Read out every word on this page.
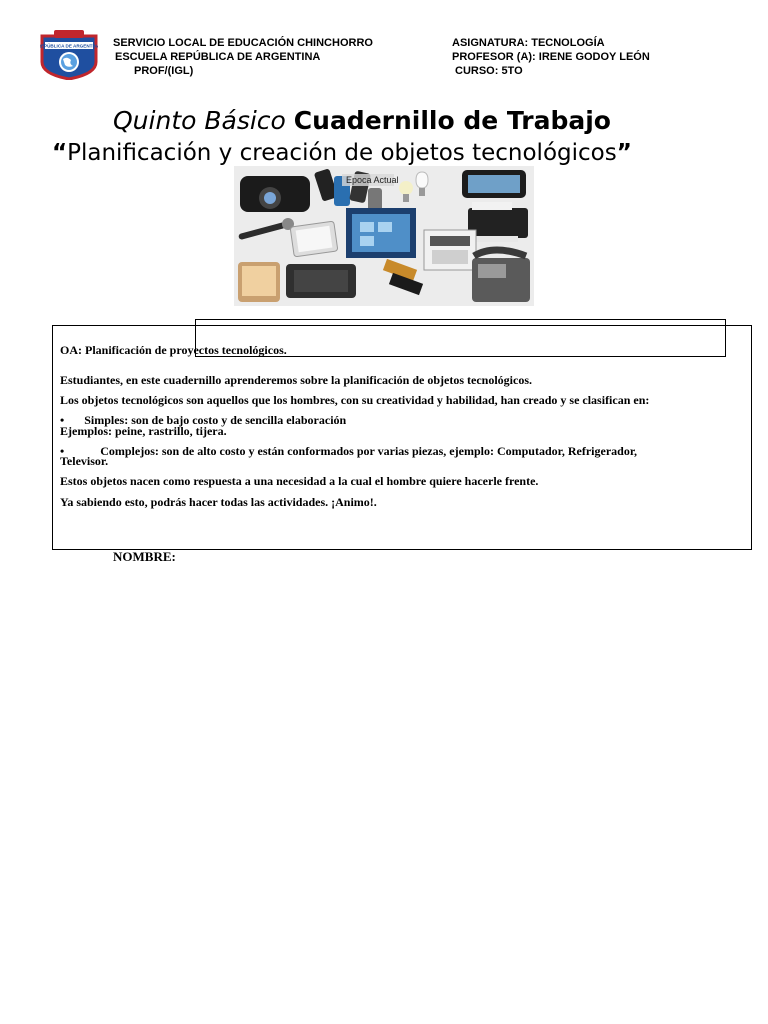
REPÚBLICA DE ARGENTINA SERVICIO LOCAL DE EDUCACIÓN CHINCHORRO
ESCUELA REPÚBLICA DE ARGENTINA
PROF/(IGL)
ASIGNATURA: TECNOLOGÍA
PROFESOR (A): IRENE GODOY LEÓN
CURSO: 5TO
Quinto Básico Cuadernillo de Trabajo
“Planificación y creación de objetos tecnológicos”
Epoca Actual

OA: Planificación de proyectos tecnológicos.

Estudiantes, en este cuadernillo aprenderemos sobre la planificación de objetos tecnológicos.

Los objetos tecnológicos son aquellos que los hombres, con su creatividad y habilidad, han creado y se clasifican en:

• Simples: son de bajo costo y de sencilla elaboración

Ejemplos: peine, rastrillo, tijera.

•	Complejos: son de alto costo y están conformados por varias piezas, ejemplo: Computador, Refrigerador,

Televisor.

Estos objetos nacen como respuesta a una necesidad a la cual el hombre quiere hacerle frente.

Ya sabiendo esto, podrás hacer todas las actividades. ¡Animo!.

NOMBRE:
